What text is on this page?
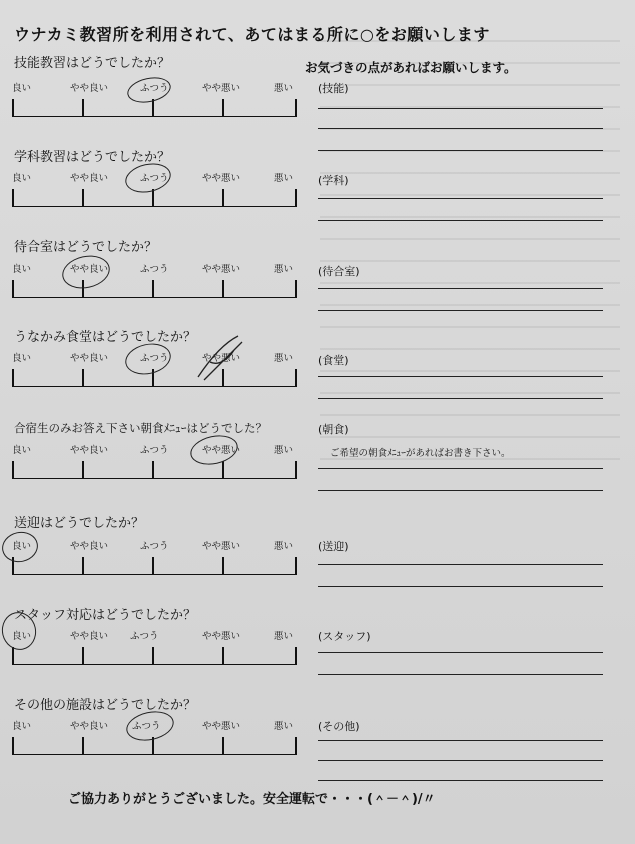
ウナカミ教習所を利用されて、あてはまる所に○をお願いします
お気づきの点があればお願いします。
技能教習はどうでしたか？
良い	やや良い	ふつう	やや悪い	悪い (技能)
学科教習はどうでしたか？
良い	やや良い	ふつう	やや悪い	悪い (学科)
待合室はどうでしたか？
良い	やや良い	ふつう	やや悪い	悪い (待合室)
うなかみ食堂はどうでしたか？
良い	やや良い	ふつう	やや悪い	悪い (食堂)
合宿生のみお答え下さい朝食ﾒﾆｭｰはどうでした？	(朝食)
良い	やや良い	ふつう	やや悪い	悪い	ご希望の朝食ﾒﾆｭｰがあればお書き下さい。
送迎はどうでしたか？
良い	やや良い	ふつう	やや悪い	悪い (送迎)
スタッフ対応はどうでしたか？
良い	やや良い ふつう	やや悪い	悪い (スタッフ)
その他の施設はどうでしたか？
良い	やや良い	ふつう	やや悪い	悪い (その他)
ご協力ありがとうございました。安全運転で・・・(＾－＾)/〃
